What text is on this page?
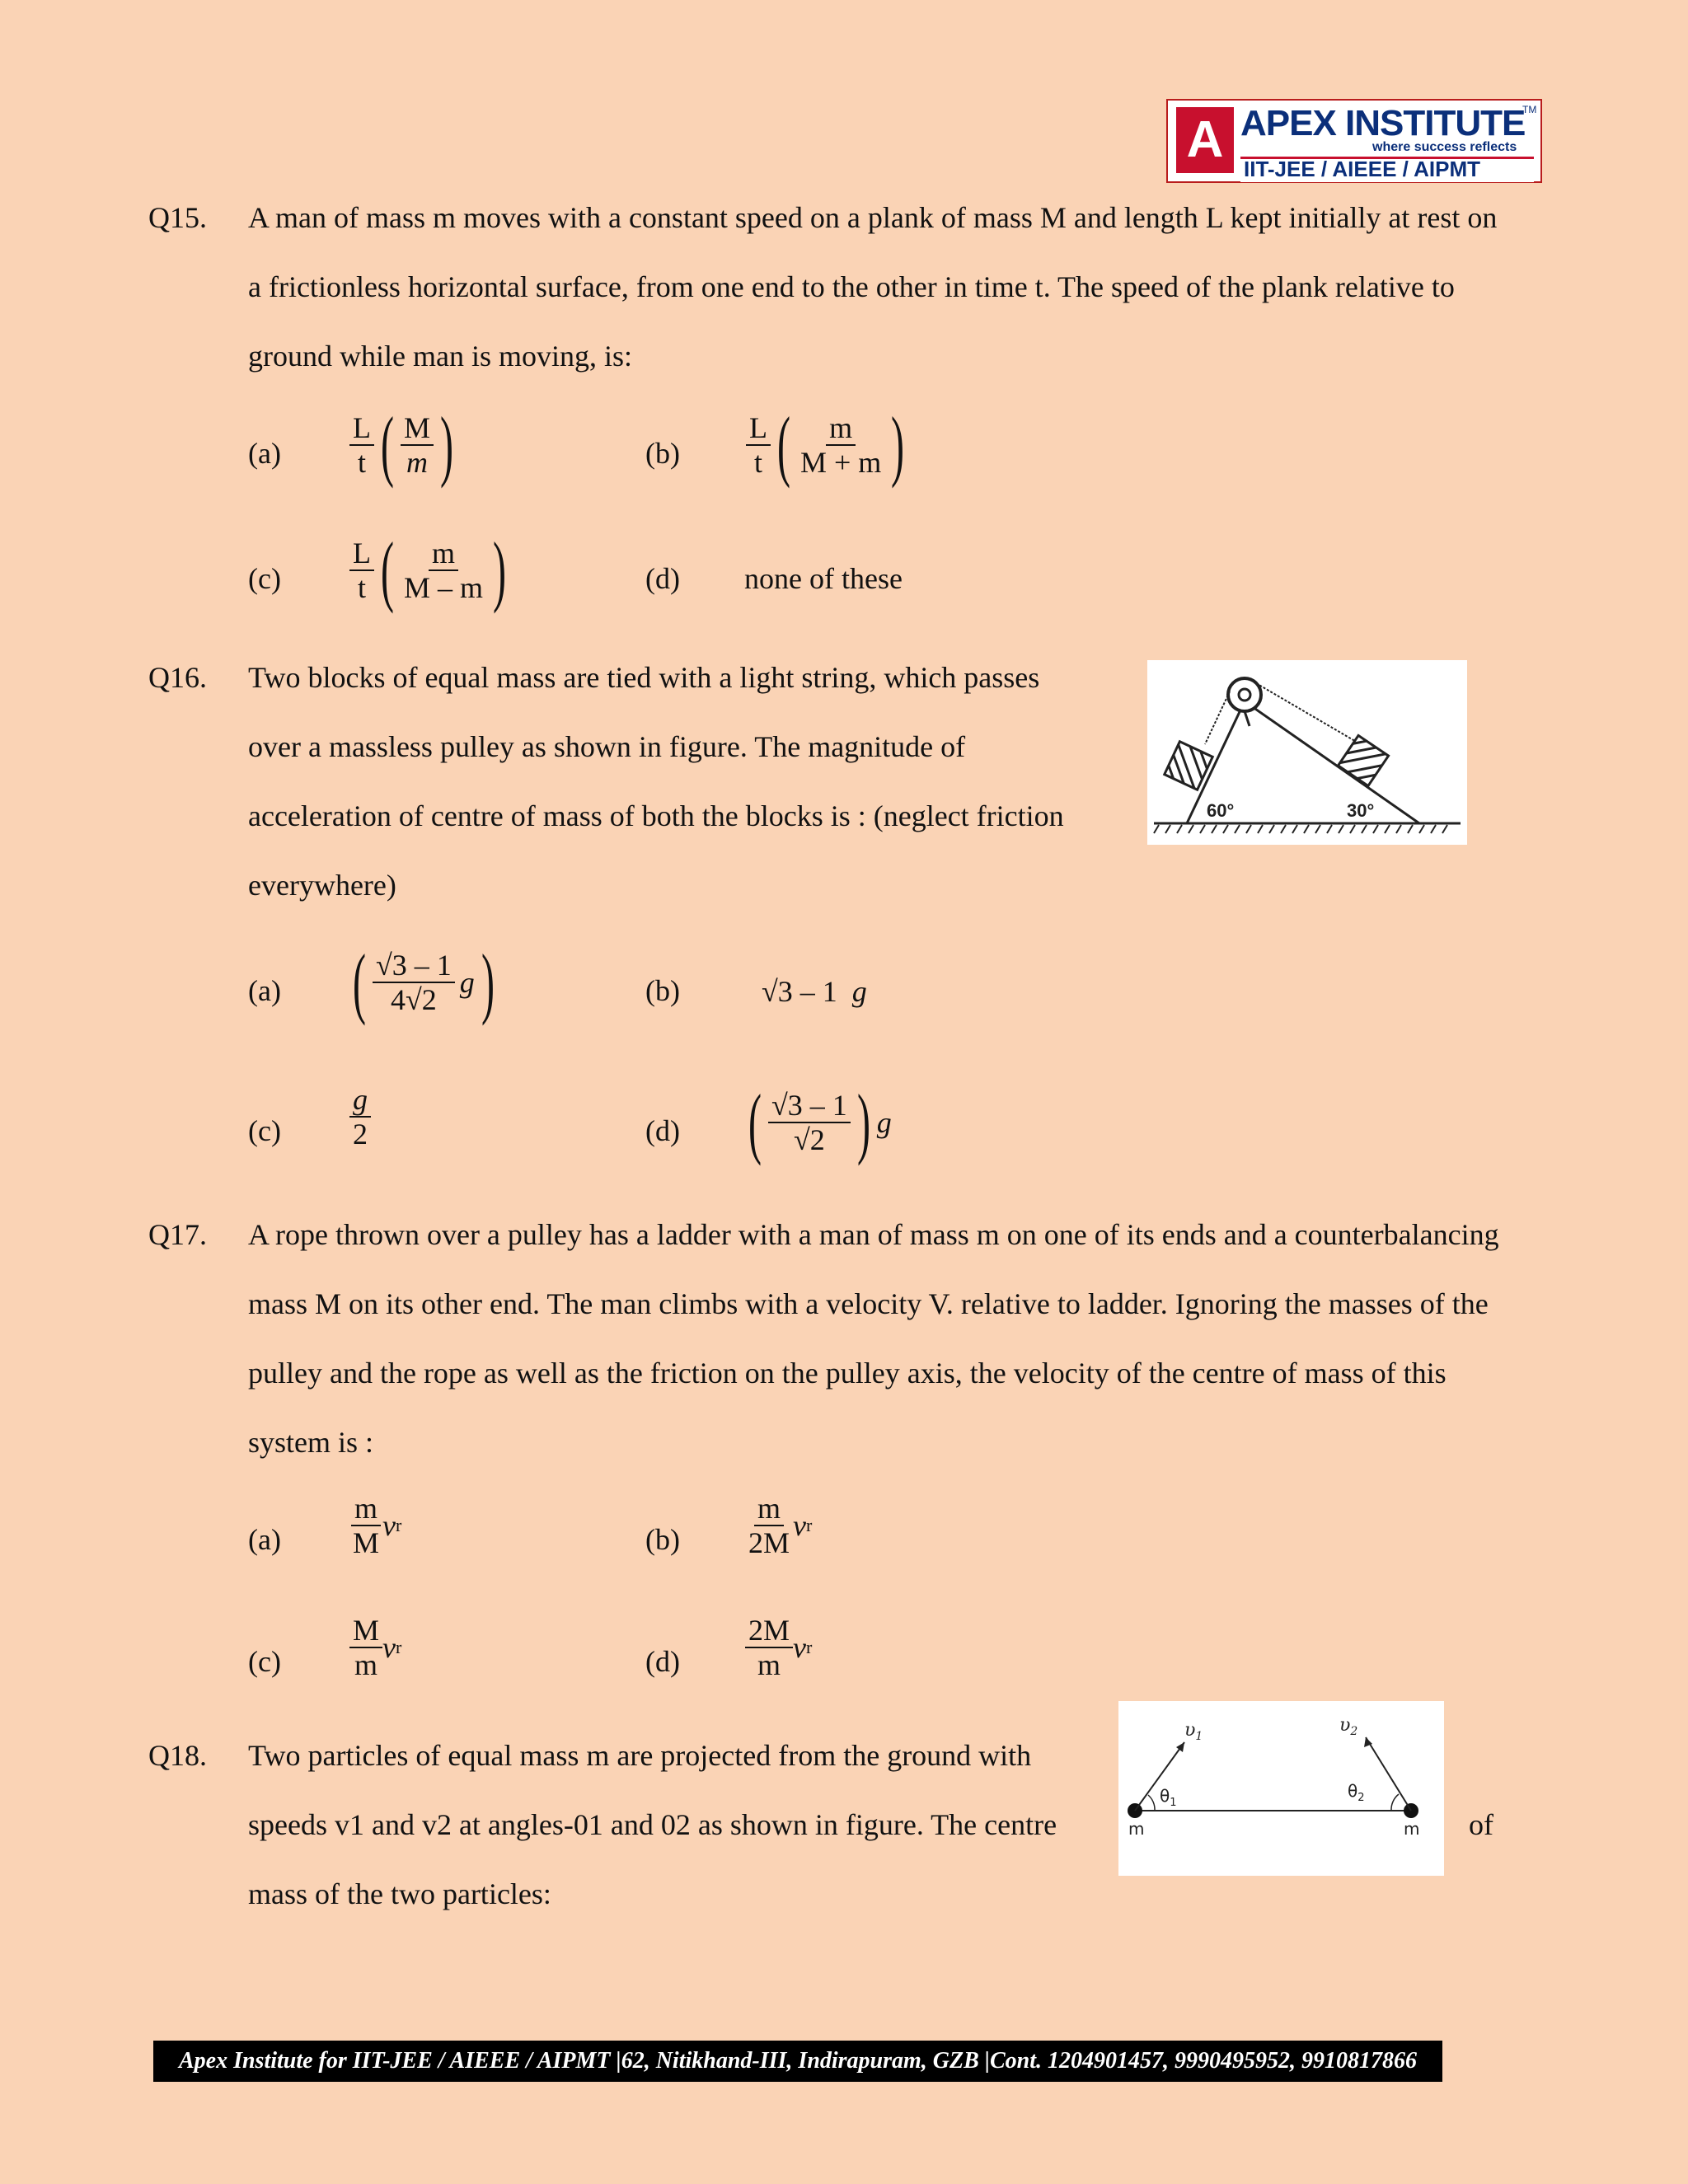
A APEX INSTITUTE
TM
where success reflects
IIT-JEE / AIEEE / AIPMT
Q15. A man of mass m moves with a constant speed on a plank of mass M and length L kept initially at rest on
a frictionless horizontal surface, from one end to the other in time t. The speed of the plank relative to
ground while man is moving, is:
$(a) \frac{L}{t}$ ( $\frac{M}{m}$ )	$(b) \frac{L}{t}$ ( $\frac{m}{M + m}$ )
$(c) \frac{L}{t}$ ( $\frac{m}{M - m}$ )	(d) none of these
Q16. Two blocks of equal mass are tied with a light string, which passes
over a massless pulley as shown in figure. The magnitude of
acceleration of centre of mass of both the blocks is : (neglect friction
everywhere)
60°	30°
(a) ( $\frac{√3 - 1}{4√2}$ g )	(b)	√3 – 1 g
$(c) \frac{g}{2}$	(d) ( $\frac{√3 - 1}{√2}$ ) g
Q17. A rope thrown over a pulley has a ladder with a man of mass m on one of its ends and a counterbalancing
mass M on its other end. The man climbs with a velocity V. relative to ladder. Ignoring the masses of the
pulley and the rope as well as the friction on the pulley axis, the velocity of the centre of mass of this
system is :
$(a) \frac{m}{M}$ v r	$(b) \frac{m}{2M}$ v r
$(c) \frac{M}{m}$ v r	$(d) \frac{2M}{m}$ v r
Q18. Two particles of equal mass m are projected from the ground with
speeds v1 and v2 at angles-01 and 02 as shown in figure. The centre
mass of the two particles:
of
$\upsilon_1$
$\upsilon_2$
$\theta_1$
$\theta_2$
m	m
Apex Institute for IIT-JEE / AIEEE / AIPMT |62, Nitikhand-III, Indirapuram, GZB |Cont. 1204901457, 9990495952, 9910817866
